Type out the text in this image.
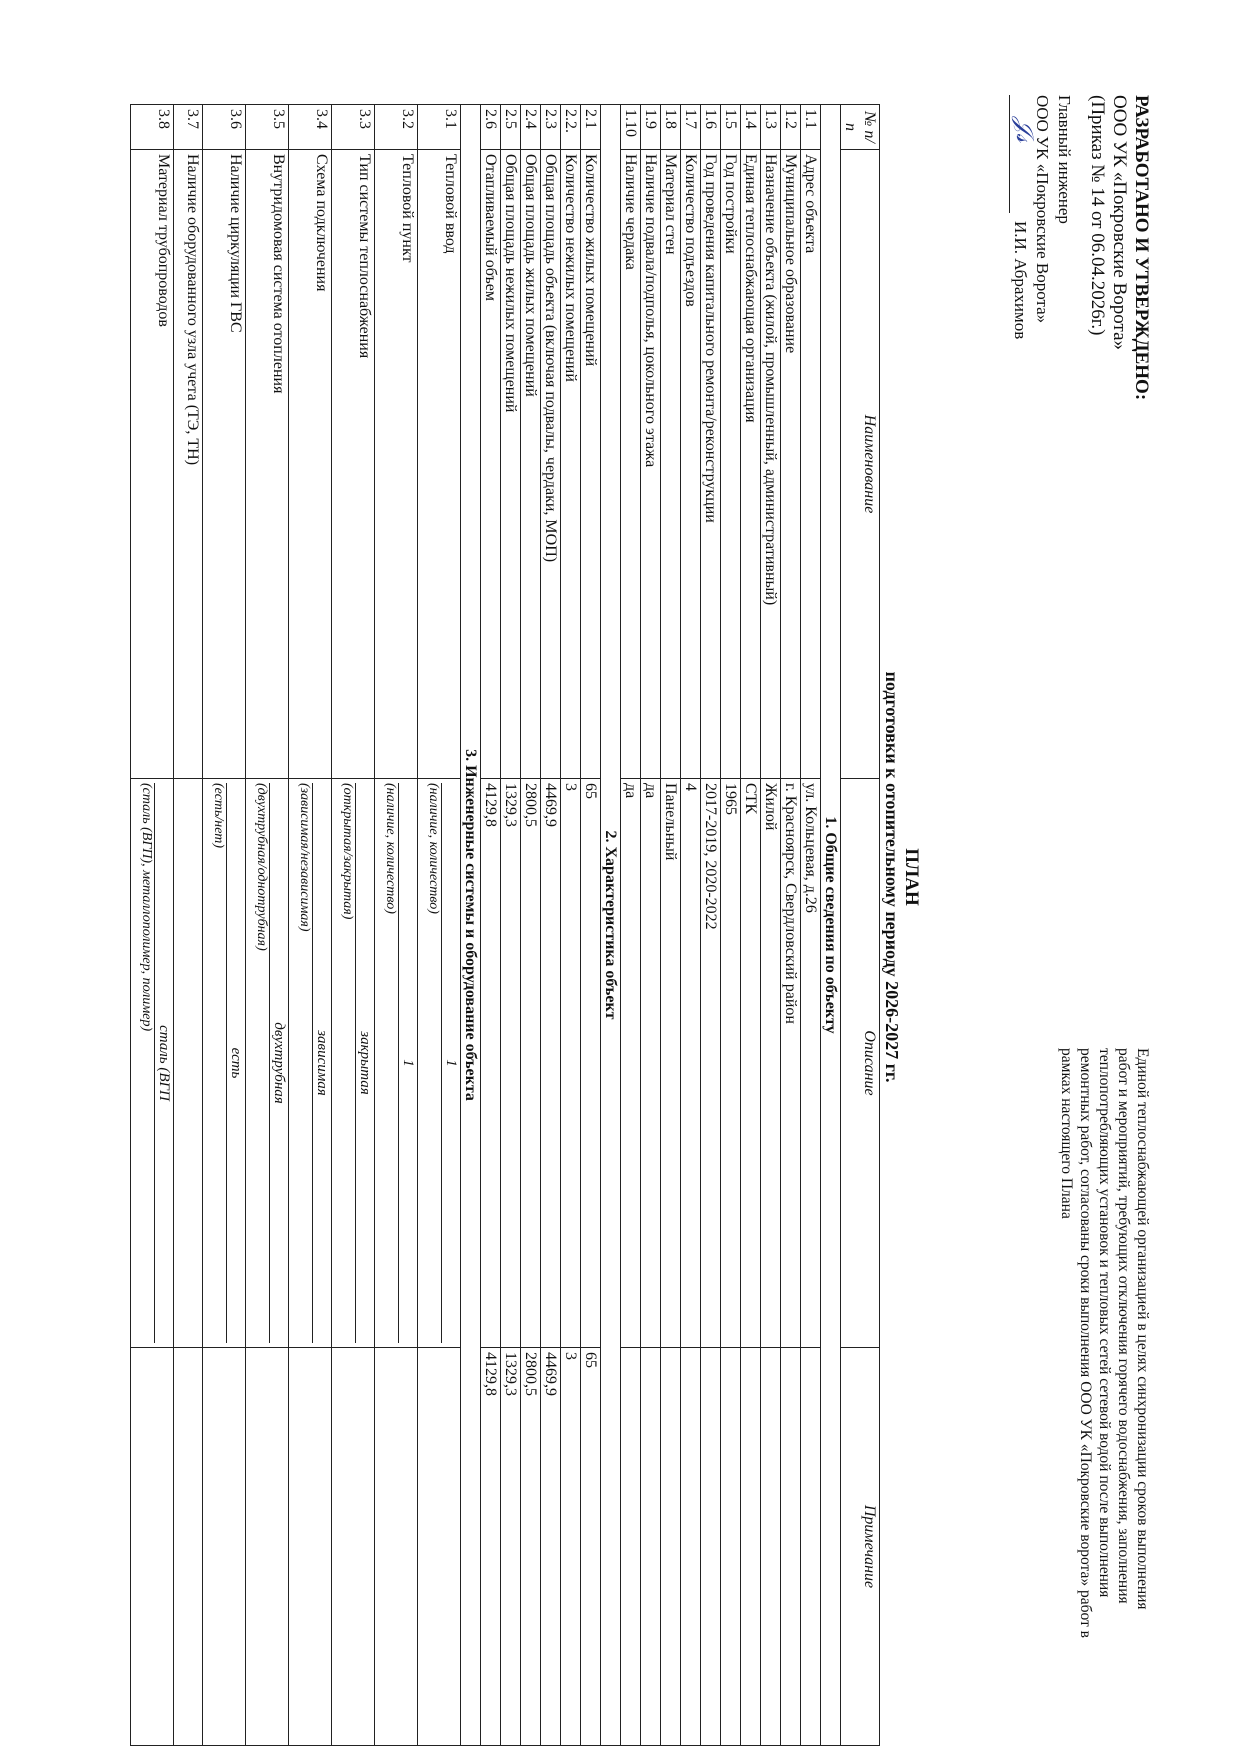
РАЗРАБОТАНО И УТВЕРЖДЕНО:
ООО УК «Покровские Ворота»
(Приказ № 14 от 06.04.2026г.)
Главный инженер
ООО УК «Покровские Ворота»
𝒥𝓈
И.И. Абрахимов
Единой теплоснабжающей организацией в целях синхронизации сроков выполнения работ и мероприятий, требующих отключения горячего водоснабжения, заполнения теплопотребляющих установок и тепловых сетей сетевой водой после выполнения ремонтных работ, согласованы сроки выполнения ООО УК «Покровские ворота» работ в рамках настоящего Плана
ПЛАН
подготовки к отопительному периоду 2026-2027 гг.
№ п/п	Наименование	Описание	Примечание
1. Общие сведения по объекту			
1.1	Адрес объекта	ул. Кольцевая, д.26	
1.2	Муниципальное образование	г. Красноярск, Свердловский район	
1.3	Назначение объекта (жилой, промышленный, административный)	Жилой	
1.4	Единая теплоснабжающая организация	СТК	
1.5	Год постройки	1965	
1.6	Год проведения капитального ремонта/реконструкции	2017-2019, 2020-2022	
1.7	Количество подъездов	4	
1.8	Материал стен	Панельный	
1.9	Наличие подвала/подполья, цокольного этажа	да	
1.10	Наличие чердака	да	
2. Характеристика объект			
2.1	Количество жилых помещений	65	65
2.2.	Количество нежилых помещений	3	3
2.3	Общая площадь объекта (включая подвалы, чердаки, МОП)	4469,9	4469,9
2.4	Общая площадь жилых помещений	2800,5	2800,5
2.5	Общая площадь нежилых помещений	1329,3	1329,3
2.6	Отапливаемый объем	4129,8	4129,8
3. Инженерные системы и оборудование объекта			
3.1	Тепловой ввод	1
(наличие, количество)	

3.2	Тепловой пункт	1
(наличие, количество)	

3.3	Тип системы теплоснабжения	закрытая
(открытая/закрытая)	

3.4	Схема подключения	зависимая
(зависимая/независимая)	

3.5	Внутридомовая система отопления	двухтрубная
(двухтрубная/однотрубная)	

3.6	Наличие циркуляции ГВС	есть
(есть/нет)	

3.7	Наличие оборудованного узла учета (ТЭ, ТН)	

3.8	Материал трубопроводов	сталь (ВГП
(сталь (ВГП), металлополимер, полимер)	
